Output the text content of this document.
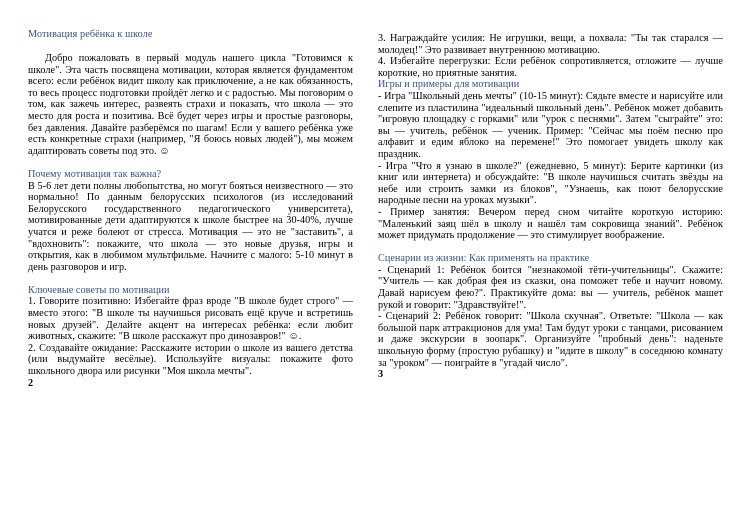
Мотивация ребёнка к школе

Добро пожаловать в первый модуль нашего цикла "Готовимся к школе". Эта часть посвящена мотивации, которая является фундаментом всего: если ребёнок видит школу как приключение, а не как обязанность, то весь процесс подготовки пройдёт легко и с радостью. Мы поговорим о том, как зажечь интерес, развеять страхи и показать, что школа — это место для роста и позитива. Всё будет через игры и простые разговоры, без давления. Давайте разберёмся по шагам! Если у вашего ребёнка уже есть конкретные страхи (например, "Я боюсь новых людей"), мы можем адаптировать советы под это. ☺

Почему мотивация так важна?

В 5-6 лет дети полны любопытства, но могут бояться неизвестного — это нормально! По данным белорусских психологов (из исследований Белорусского государственного педагогического университета), мотивированные дети адаптируются к школе быстрее на 30-40%, лучше учатся и реже болеют от стресса. Мотивация — это не "заставить", а "вдохновить": покажите, что школа — это новые друзья, игры и открытия, как в любимом мультфильме. Начните с малого: 5-10 минут в день разговоров и игр.

Ключевые советы по мотивации

1. Говорите позитивно: Избегайте фраз вроде "В школе будет строго" — вместо этого: "В школе ты научишься рисовать ещё круче и встретишь новых друзей". Делайте акцент на интересах ребёнка: если любит животных, скажите: "В школе расскажут про динозавров!" ☺.

2. Создавайте ожидание: Расскажите истории о школе из вашего детства (или выдумайте весёлые). Используйте визуалы: покажите фото школьного двора или рисунки "Моя школа мечты".

2

3. Награждайте усилия: Не игрушки, вещи, а похвала: "Ты так старался — молодец!" Это развивает внутреннюю мотивацию.

4. Избегайте перегрузки: Если ребёнок сопротивляется, отложите — лучше короткие, но приятные занятия.

Игры и примеры для мотивации

- Игра "Школьный день мечты" (10-15 минут): Сядьте вместе и нарисуйте или слепите из пластилина "идеальный школьный день". Ребёнок может добавить "игровую площадку с горками" или "урок с песнями". Затем "сыграйте" это: вы — учитель, ребёнок — ученик. Пример: "Сейчас мы поём песню про алфавит и едим яблоко на перемене!" Это помогает увидеть школу как праздник.

- Игра "Что я узнаю в школе?" (ежедневно, 5 минут): Берите картинки (из книг или интернета) и обсуждайте: "В школе научишься считать звёзды на небе или строить замки из блоков", "Узнаешь, как поют белорусские народные песни на уроках музыки".

- Пример занятия: Вечером перед сном читайте короткую историю: "Маленький заяц шёл в школу и нашёл там сокровища знаний". Ребёнок может придумать продолжение — это стимулирует воображение.

Сценарии из жизни: Как применять на практике

- Сценарий 1: Ребёнок боится "незнакомой тёти-учительницы". Скажите: "Учитель — как добрая фея из сказки, она поможет тебе и научит новому. Давай нарисуем фею?". Практикуйте дома: вы — учитель, ребёнок машет рукой и говорит: "Здравствуйте!".

- Сценарий 2: Ребёнок говорит: "Школа скучная". Ответьте: "Школа — как большой парк аттракционов для ума! Там будут уроки с танцами, рисованием и даже экскурсии в зоопарк". Организуйте "пробный день": наденьте школьную форму (простую рубашку) и "идите в школу" в соседнюю комнату за "уроком" — поиграйте в "угадай число".

3
